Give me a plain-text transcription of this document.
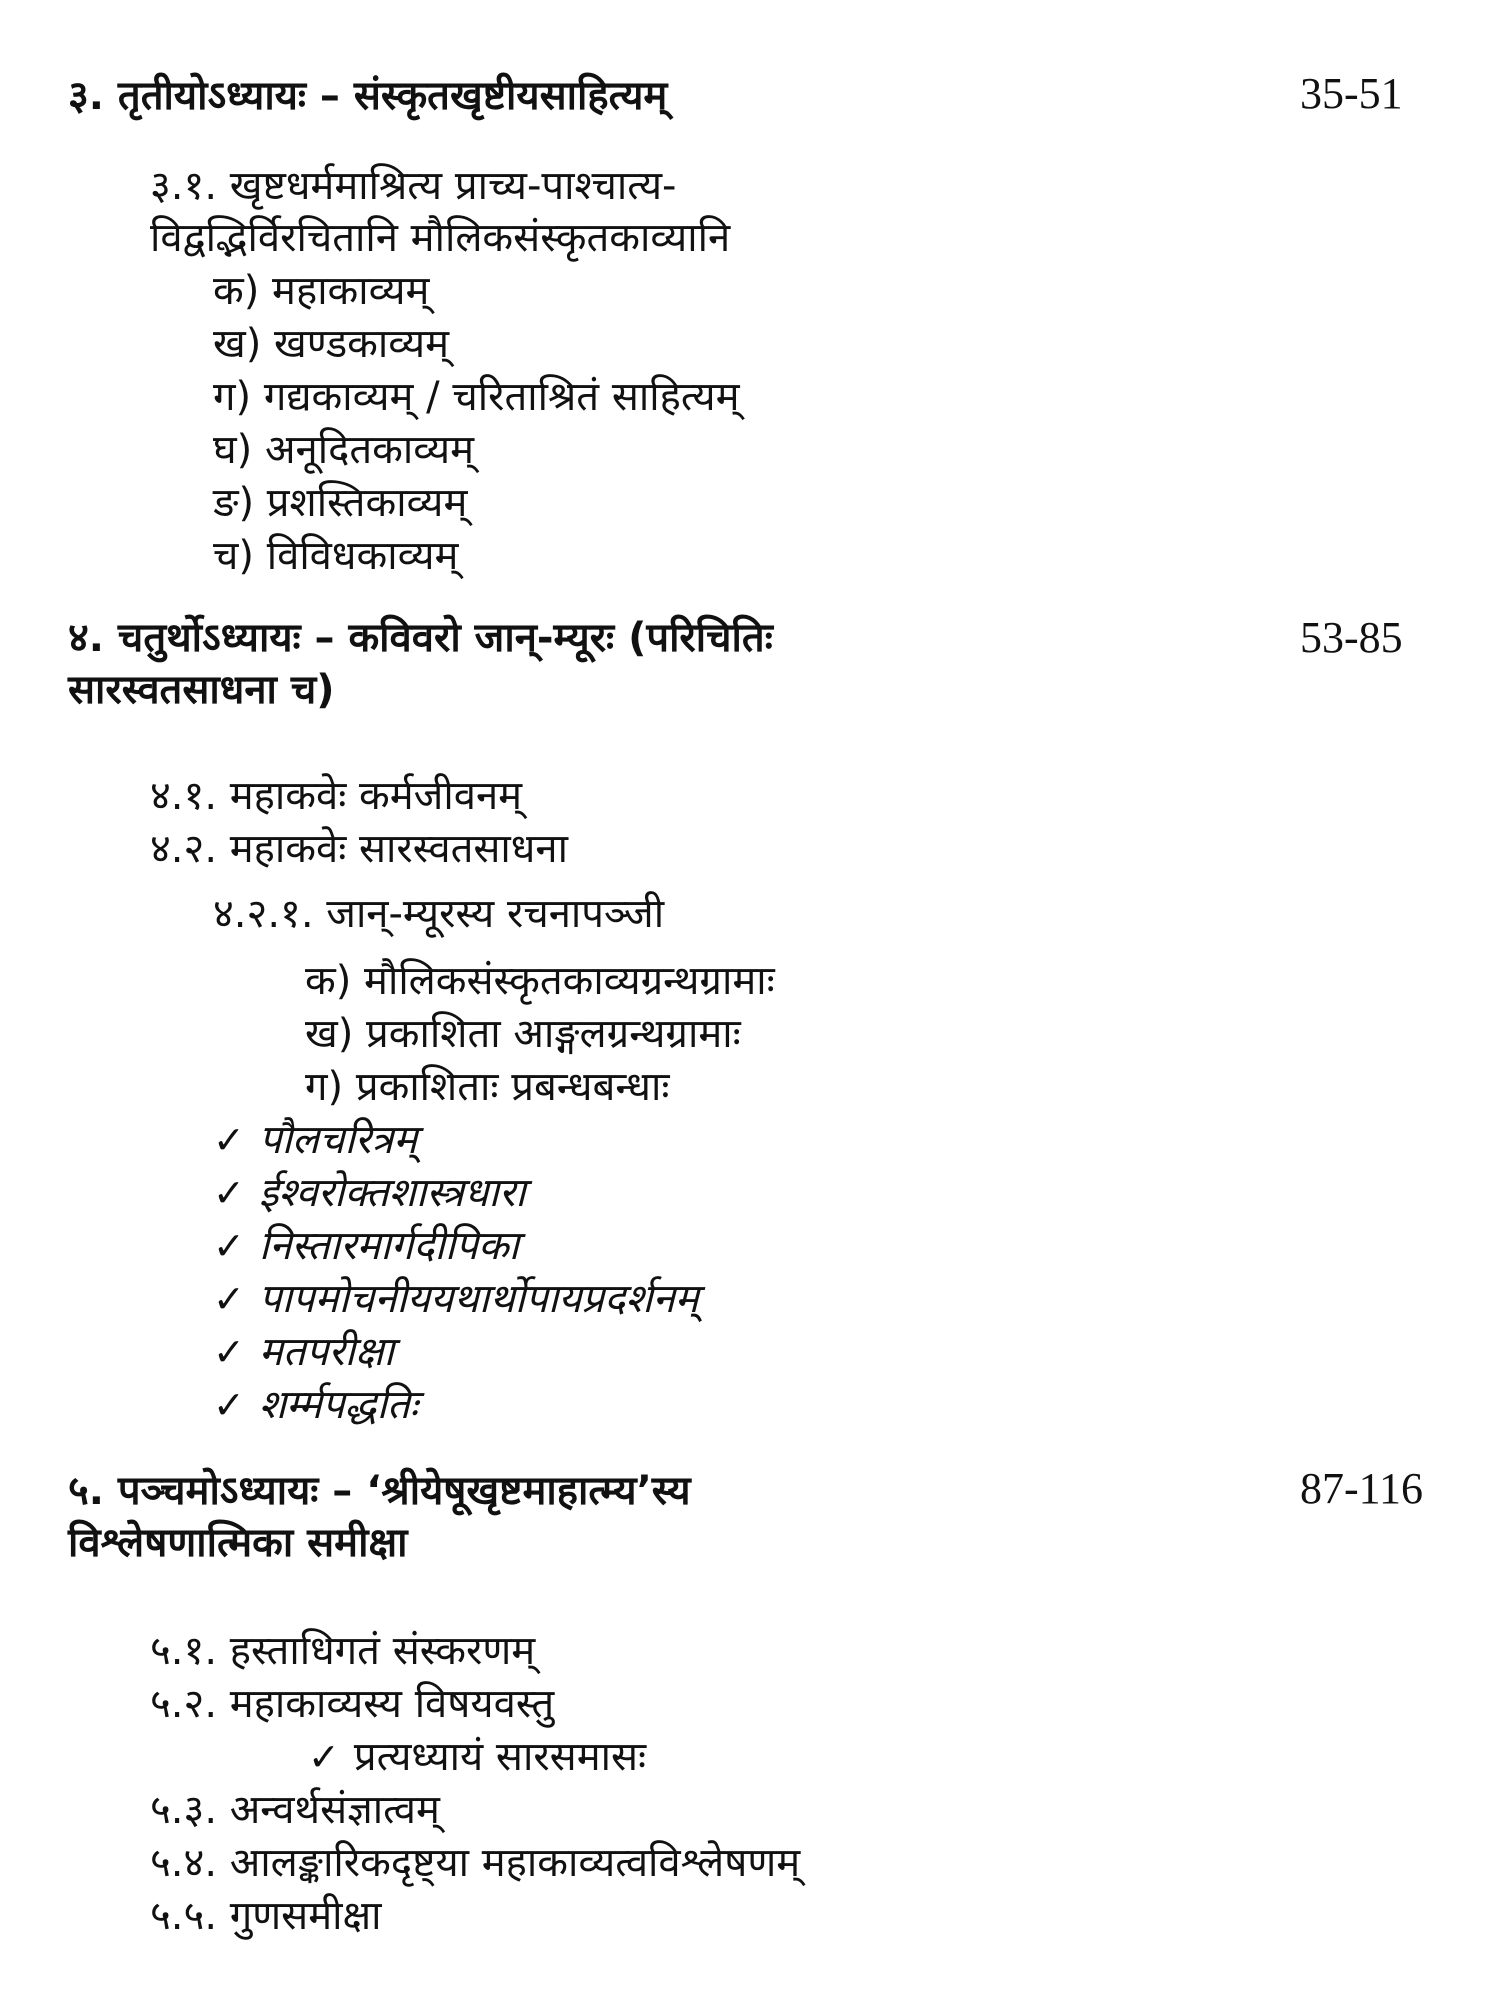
३. तृतीयोऽध्यायः – संस्कृतखृष्टीयसाहित्यम्	35-51
३.१. खृष्टधर्ममाश्रित्य प्राच्य-पाश्चात्य-
विद्वद्भिर्विरचितानि मौलिकसंस्कृतकाव्यानि
क) महाकाव्यम्
ख) खण्डकाव्यम्
ग) गद्यकाव्यम् / चरिताश्रितं साहित्यम्
घ) अनूदितकाव्यम्
ङ) प्रशस्तिकाव्यम्
च) विविधकाव्यम्
४. चतुर्थोऽध्यायः – कविवरो जान्-म्यूरः (परिचितिः	53-85
सारस्वतसाधना च)
४.१. महाकवेः कर्मजीवनम्
४.२. महाकवेः सारस्वतसाधना
४.२.१. जान्-म्यूरस्य रचनापञ्जी
क) मौलिकसंस्कृतकाव्यग्रन्थग्रामाः
ख) प्रकाशिता आङ्गलग्रन्थग्रामाः
ग) प्रकाशिताः प्रबन्धबन्धाः
✓ पौलचरित्रम्
✓ ईश्वरोक्तशास्त्रधारा
✓ निस्तारमार्गदीपिका
✓ पापमोचनीययथार्थोपायप्रदर्शनम्
✓ मतपरीक्षा
✓ शर्म्मपद्धतिः
५. पञ्चमोऽध्यायः – ‘श्रीयेषूखृष्टमाहात्म्य’स्य	87-116
विश्लेषणात्मिका समीक्षा
५.१. हस्ताधिगतं संस्करणम्
५.२. महाकाव्यस्य विषयवस्तु
✓ प्रत्यध्यायं सारसमासः
५.३. अन्वर्थसंज्ञात्वम्
५.४. आलङ्कारिकदृष्ट्या महाकाव्यत्वविश्लेषणम्
५.५. गुणसमीक्षा
